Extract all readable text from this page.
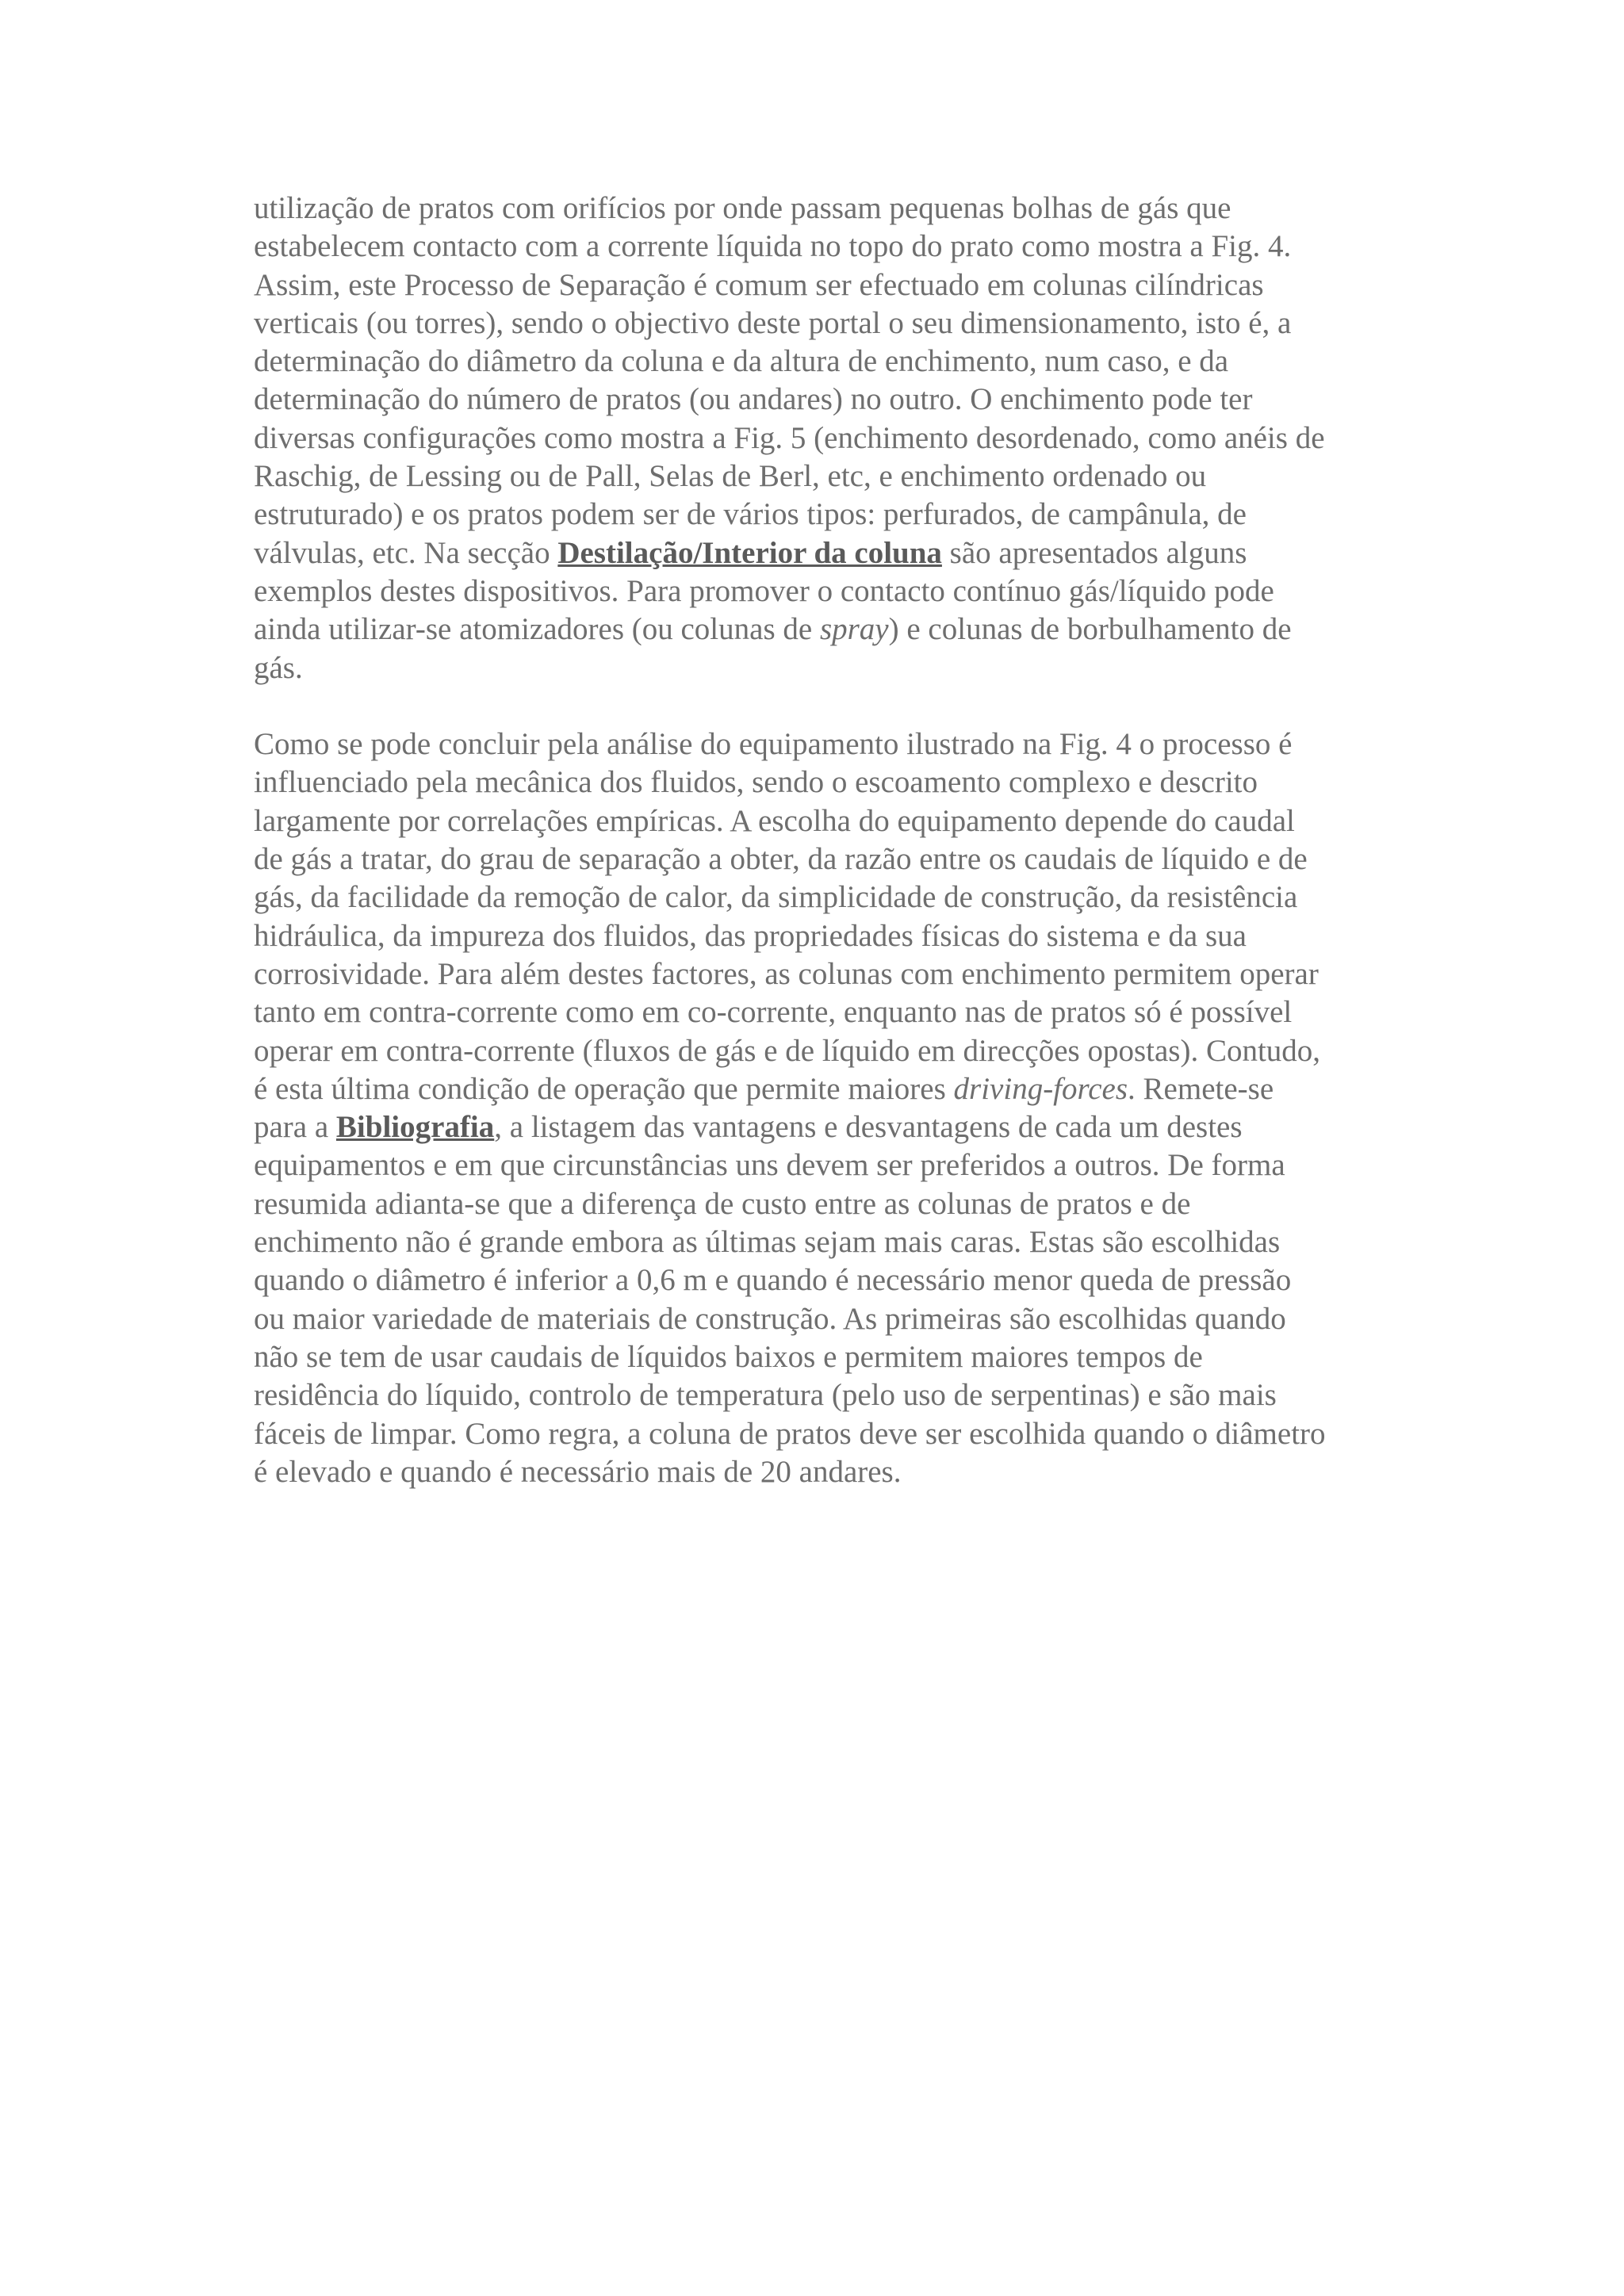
utilização de pratos com orifícios por onde passam pequenas bolhas de gás que
estabelecem contacto com a corrente líquida no topo do prato como mostra a Fig. 4.
Assim, este Processo de Separação é comum ser efectuado em colunas cilíndricas
verticais (ou torres), sendo o objectivo deste portal o seu dimensionamento, isto é, a
determinação do diâmetro da coluna e da altura de enchimento, num caso, e da
determinação do número de pratos (ou andares) no outro. O enchimento pode ter
diversas configurações como mostra a Fig. 5 (enchimento desordenado, como anéis de
Raschig, de Lessing ou de Pall, Selas de Berl, etc, e enchimento ordenado ou
estruturado) e os pratos podem ser de vários tipos: perfurados, de campânula, de
válvulas, etc. Na secção Destilação/Interior da coluna são apresentados alguns
exemplos destes dispositivos. Para promover o contacto contínuo gás/líquido pode
ainda utilizar-se atomizadores (ou colunas de spray) e colunas de borbulhamento de
gás.
Como se pode concluir pela análise do equipamento ilustrado na Fig. 4 o processo é
influenciado pela mecânica dos fluidos, sendo o escoamento complexo e descrito
largamente por correlações empíricas. A escolha do equipamento depende do caudal
de gás a tratar, do grau de separação a obter, da razão entre os caudais de líquido e de
gás, da facilidade da remoção de calor, da simplicidade de construção, da resistência
hidráulica, da impureza dos fluidos, das propriedades físicas do sistema e da sua
corrosividade. Para além destes factores, as colunas com enchimento permitem operar
tanto em contra-corrente como em co-corrente, enquanto nas de pratos só é possível
operar em contra-corrente (fluxos de gás e de líquido em direcções opostas). Contudo,
é esta última condição de operação que permite maiores driving-forces. Remete-se
para a Bibliografia, a listagem das vantagens e desvantagens de cada um destes
equipamentos e em que circunstâncias uns devem ser preferidos a outros. De forma
resumida adianta-se que a diferença de custo entre as colunas de pratos e de
enchimento não é grande embora as últimas sejam mais caras. Estas são escolhidas
quando o diâmetro é inferior a 0,6 m e quando é necessário menor queda de pressão
ou maior variedade de materiais de construção. As primeiras são escolhidas quando
não se tem de usar caudais de líquidos baixos e permitem maiores tempos de
residência do líquido, controlo de temperatura (pelo uso de serpentinas) e são mais
fáceis de limpar. Como regra, a coluna de pratos deve ser escolhida quando o diâmetro
é elevado e quando é necessário mais de 20 andares.
